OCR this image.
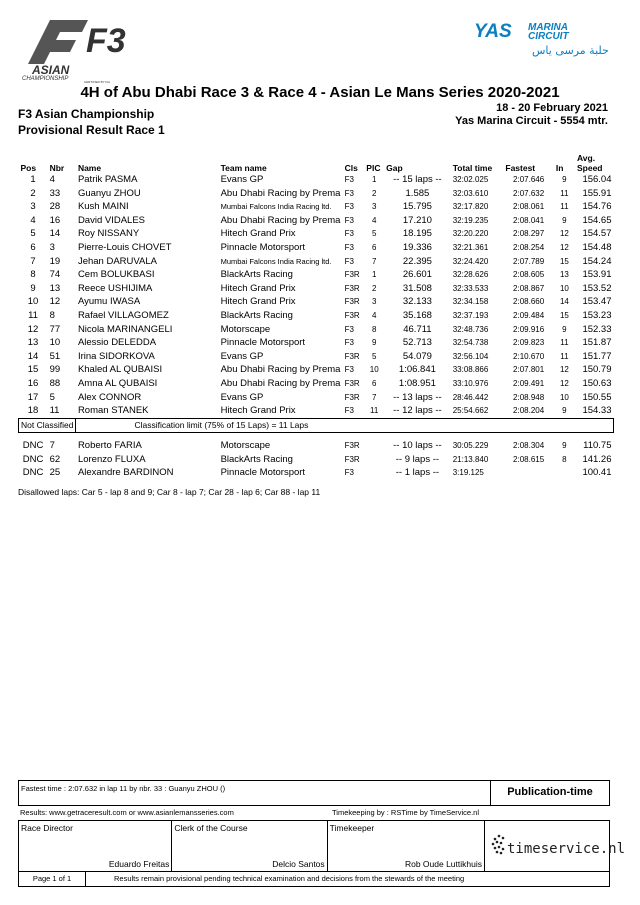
F3
ASIAN
CHAMPIONSHIP	CERTIFIED BY FIA
YAS MARINA
CIRCUIT
حلبة مرسى ياس
4H of Abu Dhabi Race 3 & Race 4 - Asian Le Mans Series 2020-2021
F3 Asian Championship
Provisional Result Race 1
18 - 20 February 2021
Yas Marina Circuit - 5554 mtr.
Pos	Nbr	Name	Team name	Cls	PIC	Gap	Total time	Fastest	In	Avg.
Speed

1	4	Patrik PASMA	Evans GP	F3	1	-- 15 laps --	32:02.025	2:07.646	9	156.04
2	33	Guanyu ZHOU	Abu Dhabi Racing by Prema	F3	2	1.585	32:03.610	2:07.632	11	155.91
3	28	Kush MAINI	Mumbai Falcons India Racing ltd.	F3	3	15.795	32:17.820	2:08.061	11	154.76
4	16	David VIDALES	Abu Dhabi Racing by Prema	F3	4	17.210	32:19.235	2:08.041	9	154.65
5	14	Roy NISSANY	Hitech Grand Prix	F3	5	18.195	32:20.220	2:08.297	12	154.57
6	3	Pierre-Louis CHOVET	Pinnacle Motorsport	F3	6	19.336	32:21.361	2:08.254	12	154.48
7	19	Jehan DARUVALA	Mumbai Falcons India Racing ltd.	F3	7	22.395	32:24.420	2:07.789	15	154.24
8	74	Cem BOLUKBASI	BlackArts Racing	F3R	1	26.601	32:28.626	2:08.605	13	153.91
9	13	Reece USHIJIMA	Hitech Grand Prix	F3R	2	31.508	32:33.533	2:08.867	10	153.52
10	12	Ayumu IWASA	Hitech Grand Prix	F3R	3	32.133	32:34.158	2:08.660	14	153.47
11	8	Rafael VILLAGOMEZ	BlackArts Racing	F3R	4	35.168	32:37.193	2:09.484	15	153.23
12	77	Nicola MARINANGELI	Motorscape	F3	8	46.711	32:48.736	2:09.916	9	152.33
13	10	Alessio DELEDDA	Pinnacle Motorsport	F3	9	52.713	32:54.738	2:09.823	11	151.87
14	51	Irina SIDORKOVA	Evans GP	F3R	5	54.079	32:56.104	2:10.670	11	151.77
15	99	Khaled AL QUBAISI	Abu Dhabi Racing by Prema	F3	10	1:06.841	33:08.866	2:07.801	12	150.79
16	88	Amna AL QUBAISI	Abu Dhabi Racing by Prema	F3R	6	1:08.951	33:10.976	2:09.491	12	150.63
17	5	Alex CONNOR	Evans GP	F3R	7	-- 13 laps --	28:46.442	2:08.948	10	150.55
18	11	Roman STANEK	Hitech Grand Prix	F3	11	-- 12 laps --	25:54.662	2:08.204	9	154.33
Not Classified		Classification limit (75% of 15 Laps) = 11 Laps								

DNC	7	Roberto FARIA	Motorscape	F3R		-- 10 laps --	30:05.229	2:08.304	9	110.75
DNC	62	Lorenzo FLUXA	BlackArts Racing	F3R		-- 9 laps --	21:13.840	2:08.615	8	141.26
DNC	25	Alexandre BARDINON	Pinnacle Motorsport	F3		-- 1 laps --	3:19.125			100.41
Disallowed laps: Car 5 - lap 8 and 9; Car 8 - lap 7; Car 28 - lap 6; Car 88 - lap 11
Fastest time : 2:07.632 in lap 11 by nbr. 33 : Guanyu ZHOU ()	Publication-time
Results: www.getraceresult.com or www.asianlemansseries.com	Timekeeping by : RSTime by TimeService.nl
Race Director
Eduardo Freitas
Clerk of the Course
Delcio Santos
Timekeeper
Rob Oude Luttikhuis
timeservice.nl
Page 1 of 1	Results remain provisional pending technical examination and decisions from the stewards of the meeting
